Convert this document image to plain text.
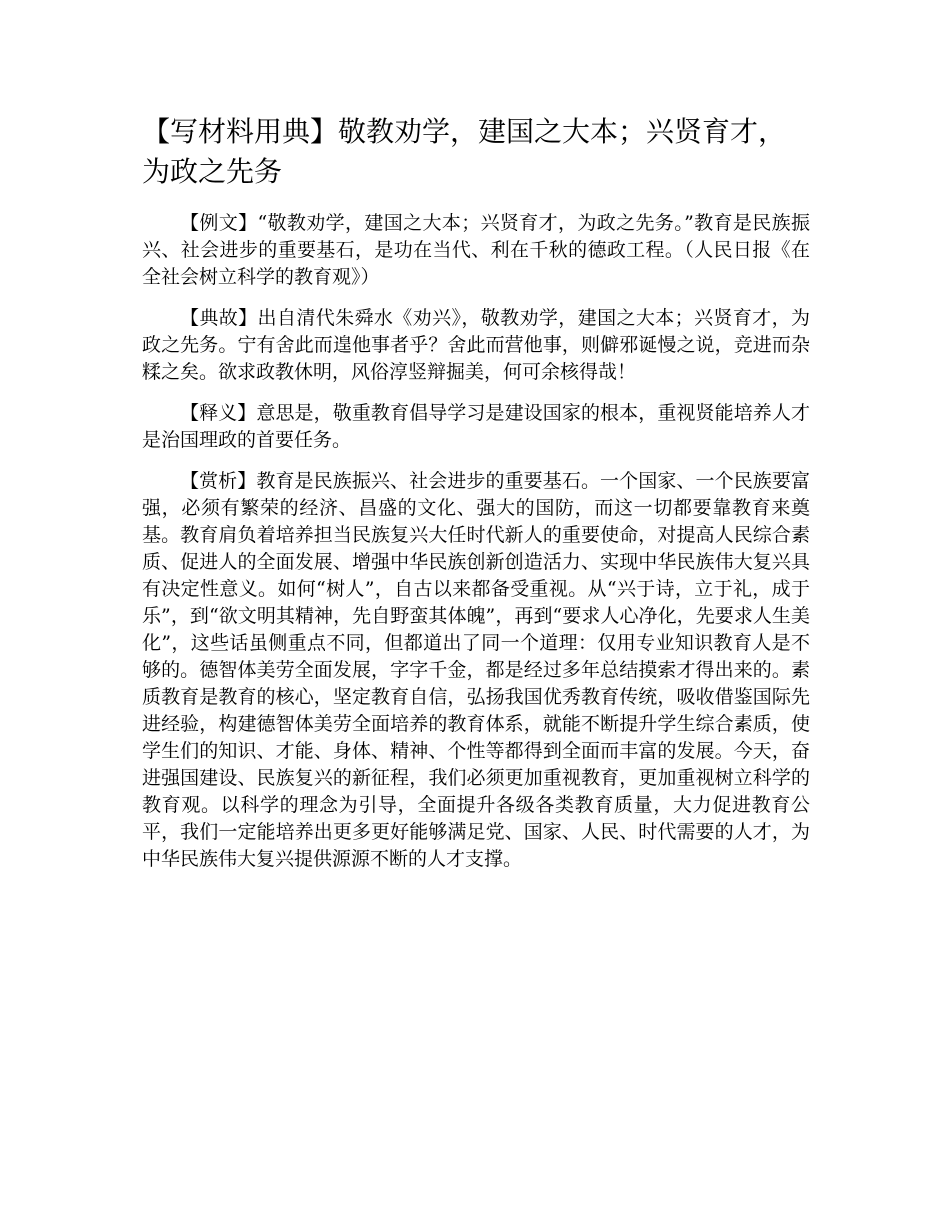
【写材料用典】敬教劝学，建国之大本；兴贤育才，为政之先务

【例文】“敬教劝学，建国之大本；兴贤育才，为政之先务。”教育是民族振兴、社会进步的重要基石，是功在当代、利在千秋的德政工程。（人民日报《在全社会树立科学的教育观》）

【典故】出自清代朱舜水《劝兴》，敬教劝学，建国之大本；兴贤育才，为政之先务。宁有舍此而遑他事者乎？舍此而营他事，则僻邪诞慢之说，竞进而杂糅之矣。欲求政教休明，风俗淳竖辩掘美，何可余核得哉！

【释义】意思是，敬重教育倡导学习是建设国家的根本，重视贤能培养人才是治国理政的首要任务。

【赏析】教育是民族振兴、社会进步的重要基石。一个国家、一个民族要富强，必须有繁荣的经济、昌盛的文化、强大的国防，而这一切都要靠教育来奠基。教育肩负着培养担当民族复兴大任时代新人的重要使命，对提高人民综合素质、促进人的全面发展、增强中华民族创新创造活力、实现中华民族伟大复兴具有决定性意义。如何“树人”，自古以来都备受重视。从“兴于诗，立于礼，成于乐”，到“欲文明其精神，先自野蛮其体魄”，再到“要求人心净化，先要求人生美化”，这些话虽侧重点不同，但都道出了同一个道理：仅用专业知识教育人是不够的。德智体美劳全面发展，字字千金，都是经过多年总结摸索才得出来的。素质教育是教育的核心，坚定教育自信，弘扬我国优秀教育传统，吸收借鉴国际先进经验，构建德智体美劳全面培养的教育体系，就能不断提升学生综合素质，使学生们的知识、才能、身体、精神、个性等都得到全面而丰富的发展。今天，奋进强国建设、民族复兴的新征程，我们必须更加重视教育，更加重视树立科学的教育观。以科学的理念为引导，全面提升各级各类教育质量，大力促进教育公平，我们一定能培养出更多更好能够满足党、国家、人民、时代需要的人才，为中华民族伟大复兴提供源源不断的人才支撑。
